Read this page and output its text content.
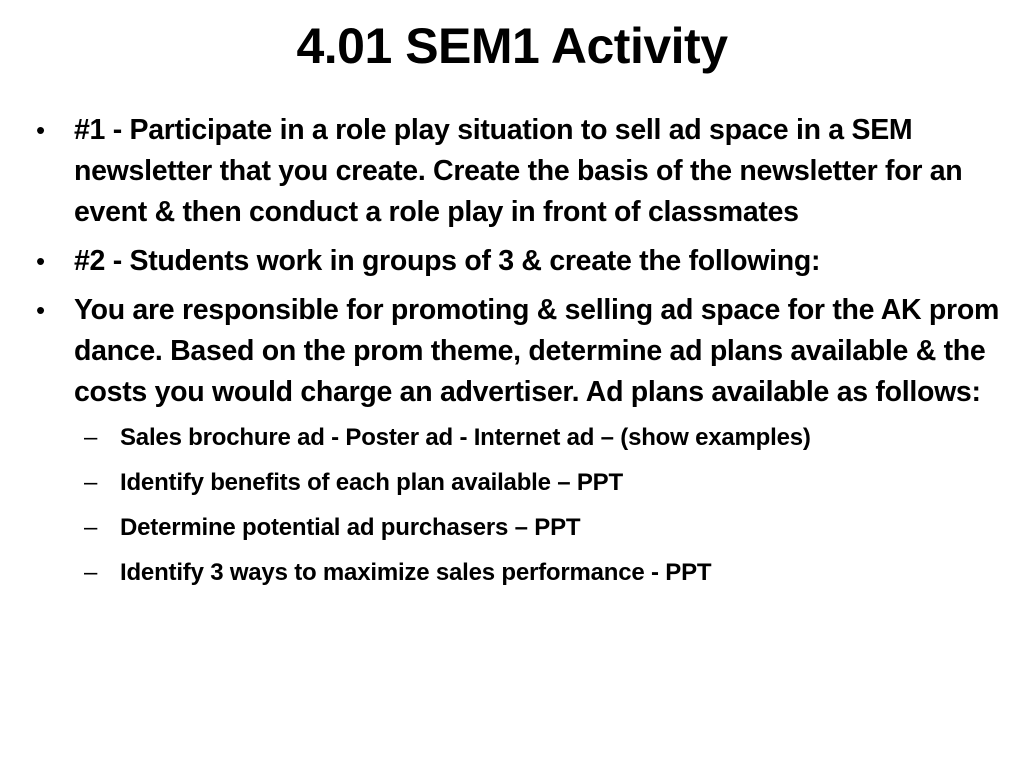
4.01 SEM1 Activity
• #1 - Participate in a role play situation to sell ad space in a SEM newsletter that you create. Create the basis of the newsletter for an event & then conduct a role play in front of classmates
• #2 - Students work in groups of 3 & create the following:
• You are responsible for promoting & selling ad space for the AK prom dance. Based on the prom theme, determine ad plans available & the costs you would charge an advertiser. Ad plans available as follows:
– Sales brochure ad - Poster ad - Internet ad – (show examples)
– Identify benefits of each plan available – PPT
– Determine potential ad purchasers – PPT
– Identify 3 ways to maximize sales performance - PPT
